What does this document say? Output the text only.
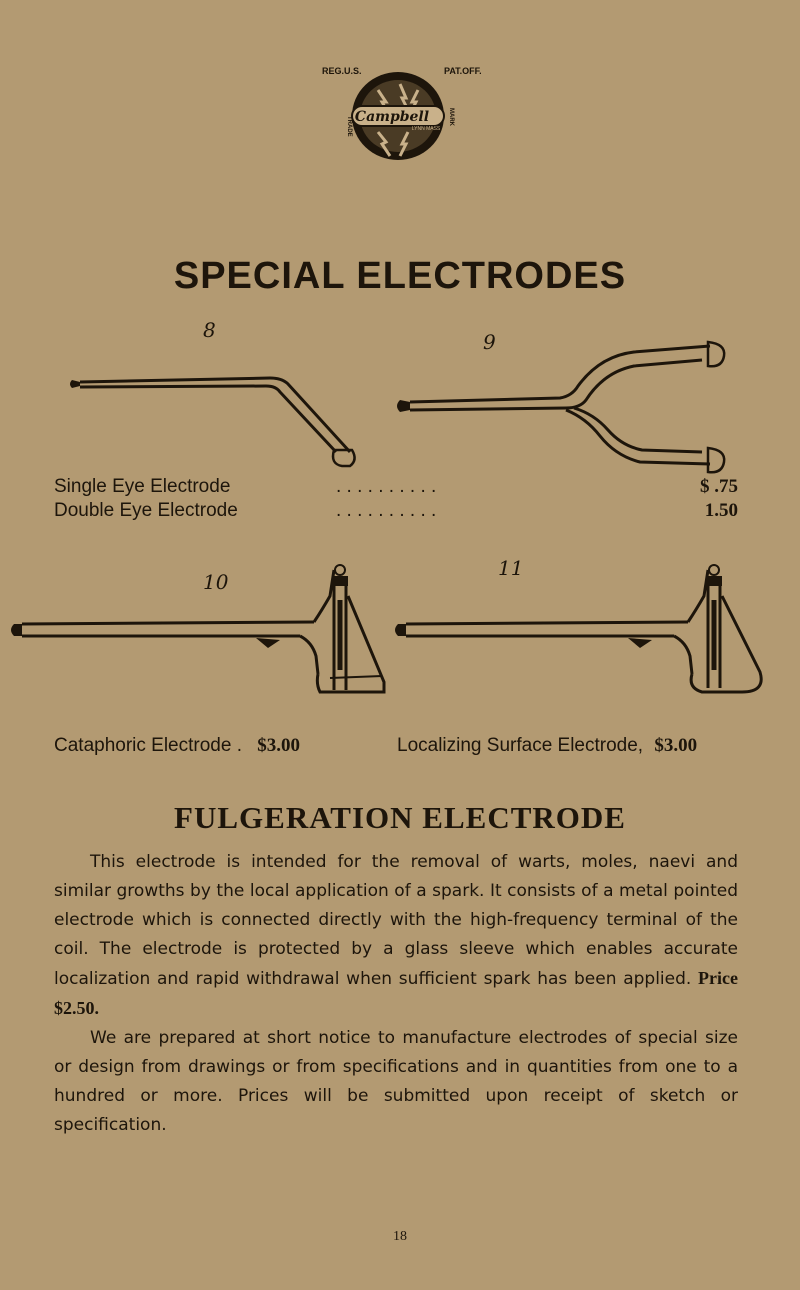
REG.U.S.	PAT.OFF.
Campbell
LYNN MASS
TRADE	MARK
SPECIAL ELECTRODES
8	9
Single Eye Electrode	. . . . . . . . . .	$ .75
Double Eye Electrode	. . . . . . . . . .	1.50
10
11
Cataphoric Electrode . $3.00	Localizing Surface Electrode, $3.00
FULGERATION ELECTRODE
This electrode is intended for the removal of warts, moles, naevi and similar growths by the local application of a spark. It consists of a metal pointed electrode which is connected directly with the high-frequency terminal of the coil. The electrode is protected by a glass sleeve which enables accurate localization and rapid withdrawal when sufficient spark has been applied. Price $2.50.
We are prepared at short notice to manufacture electrodes of special size or design from drawings or from specifications and in quantities from one to a hundred or more. Prices will be submitted upon receipt of sketch or specification.
18
